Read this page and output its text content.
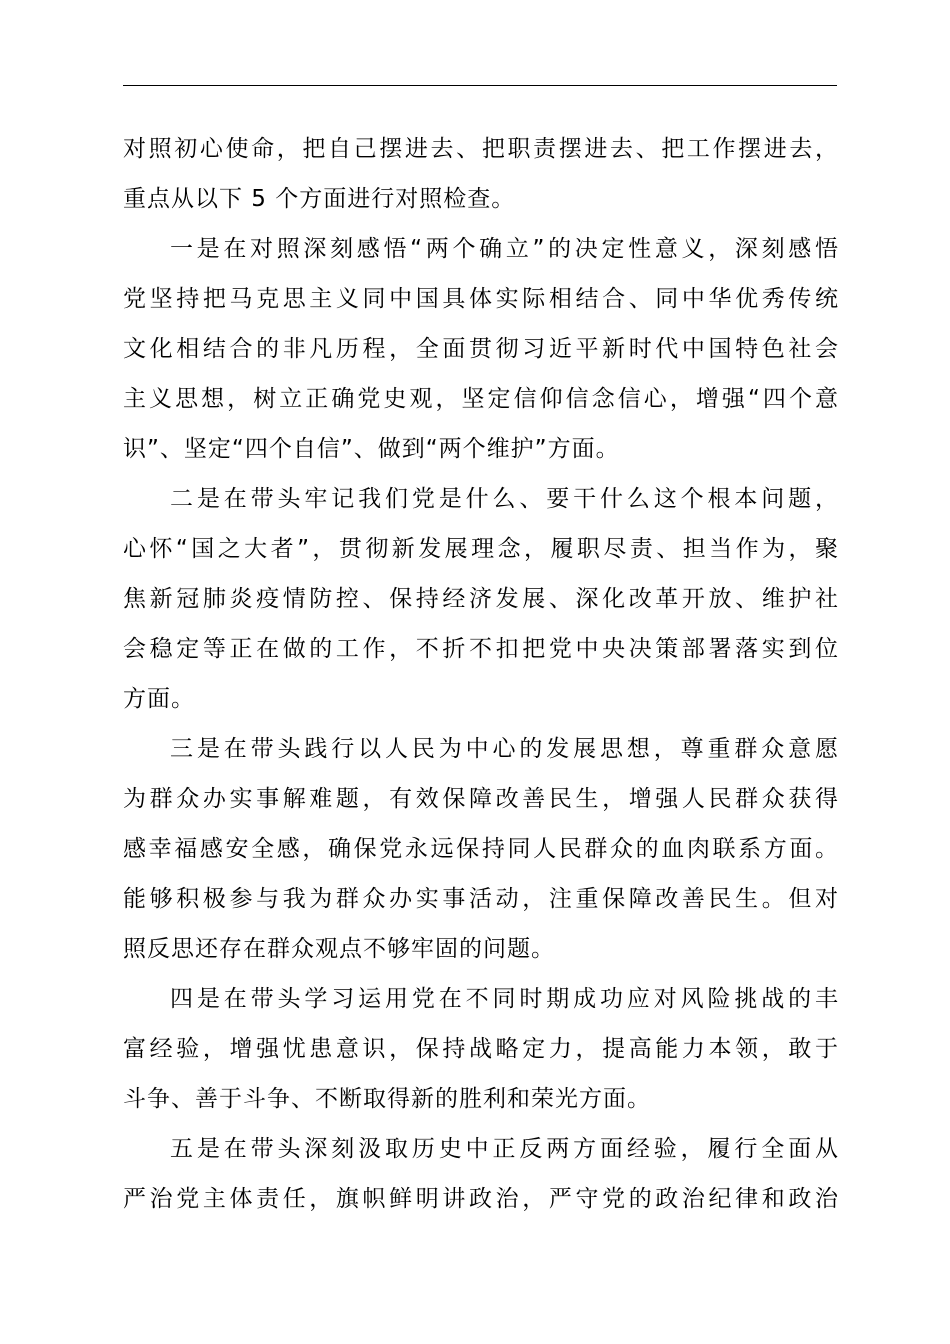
对照初心使命，把自己摆进去、把职责摆进去、把工作摆进去，
重点从以下 5 个方面进行对照检查。
一是在对照深刻感悟“两个确立”的决定性意义，深刻感悟
党坚持把马克思主义同中国具体实际相结合、同中华优秀传统
文化相结合的非凡历程，全面贯彻习近平新时代中国特色社会
主义思想，树立正确党史观，坚定信仰信念信心，增强“四个意
识”、坚定“四个自信”、做到“两个维护”方面。
二是在带头牢记我们党是什么、要干什么这个根本问题，
心怀“国之大者”，贯彻新发展理念，履职尽责、担当作为，聚
焦新冠肺炎疫情防控、保持经济发展、深化改革开放、维护社
会稳定等正在做的工作，不折不扣把党中央决策部署落实到位
方面。
三是在带头践行以人民为中心的发展思想，尊重群众意愿
为群众办实事解难题，有效保障改善民生，增强人民群众获得
感幸福感安全感，确保党永远保持同人民群众的血肉联系方面。
能够积极参与我为群众办实事活动，注重保障改善民生。但对
照反思还存在群众观点不够牢固的问题。
四是在带头学习运用党在不同时期成功应对风险挑战的丰
富经验，增强忧患意识，保持战略定力，提高能力本领，敢于
斗争、善于斗争、不断取得新的胜利和荣光方面。
五是在带头深刻汲取历史中正反两方面经验，履行全面从
严治党主体责任，旗帜鲜明讲政治，严守党的政治纪律和政治
